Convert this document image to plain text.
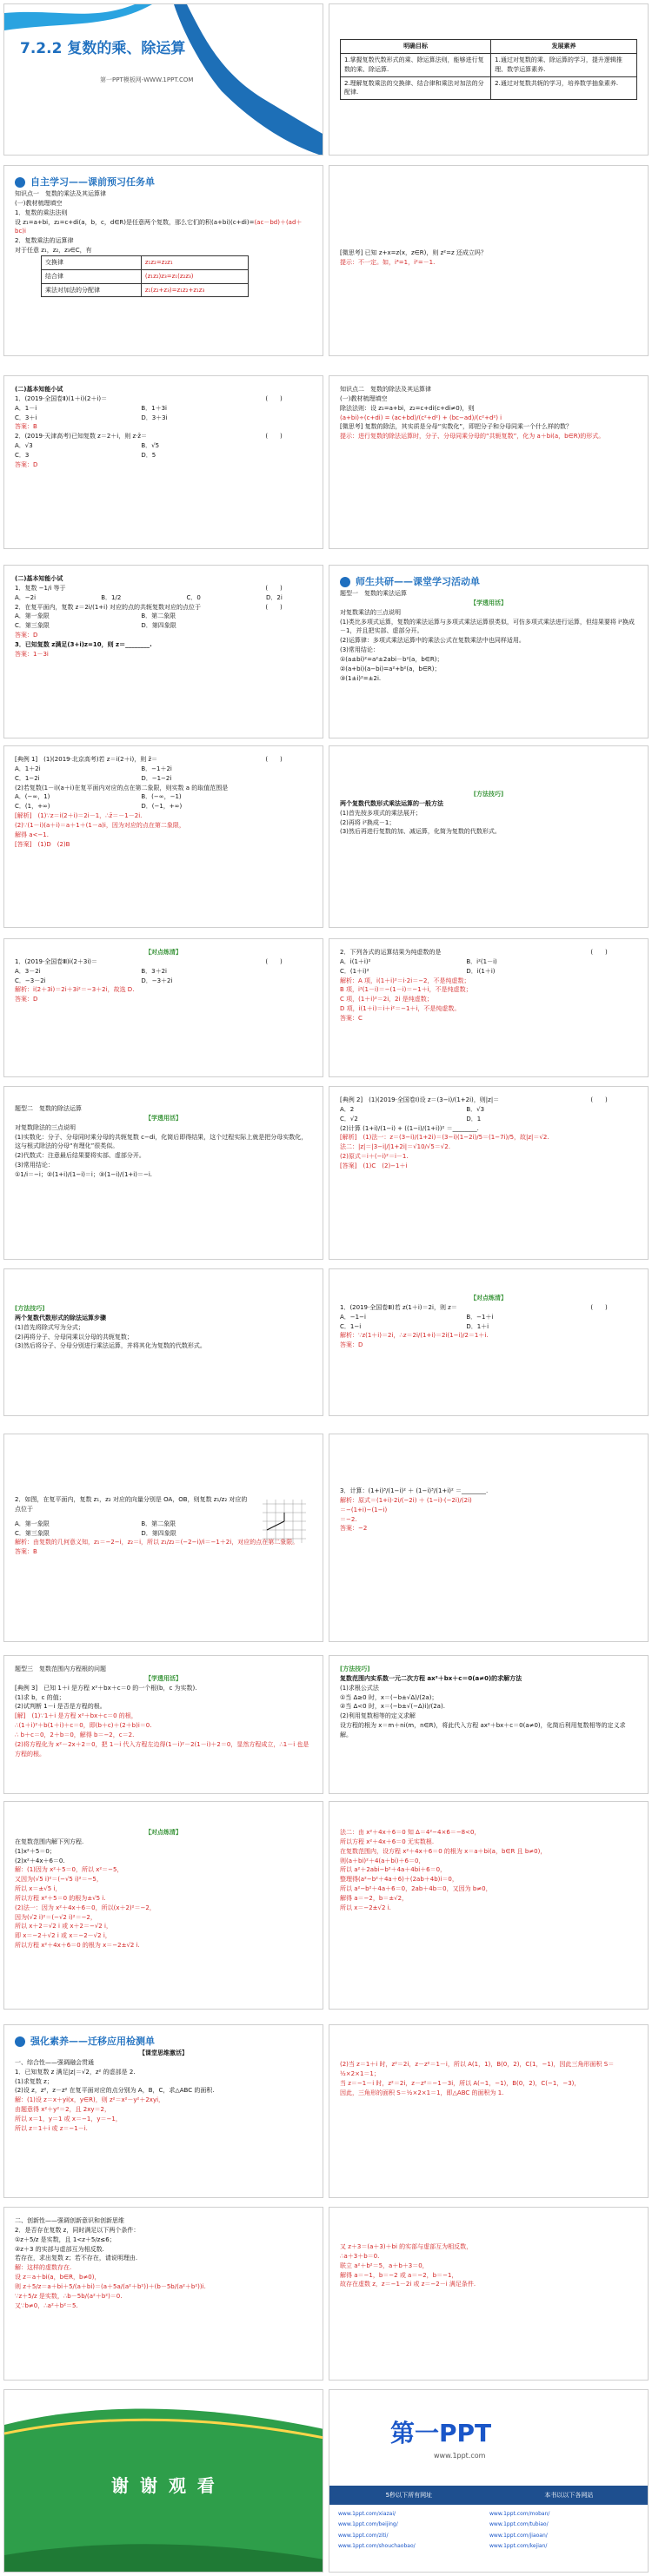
7.2.2 复数的乘、除运算
第一PPT模板网-WWW.1PPT.COM
明确目标	发展素养
1.掌握复数代数形式的乘、除运算法则，能够进行复数的乘、除运算.	1.通过对复数的乘、除运算的学习，提升逻辑推理、数学运算素养.
2.理解复数乘法的交换律、结合律和乘法对加法的分配律.	2.通过对复数共轭的学习，培养数学抽象素养.
自主学习——课前预习任务单
知识点一　复数的乘法及其运算律
(一)教材梳理填空
1．复数的乘法法则
设 z₁=a+bi，z₂=c+di(a，b，c，d∈R)是任意两个复数，那么它们的积(a+bi)(c+di)=(ac－bd)＋(ad＋bc)i
2．复数乘法的运算律
对于任意 z₁，z₂，z₃∈C，有
交换律	z₁z₂=z₂z₁
结合律	(z₁z₂)z₃=z₁(z₂z₃)
乘法对加法的分配律	z₁(z₂+z₃)=z₁z₂+z₁z₃
[微思考] 已知 z+x=z(x，z∈R)，则 z²=z 还成立吗？
提示：不一定。如，i⁴=1，i²=－1.
(二)基本知能小试
1．(2019·全国卷Ⅱ)(1＋i)(2＋i)＝	(　　)
A．1－i	B．1＋3i
C．3＋i	D．3＋3i
答案：B
2．(2019·天津高考)已知复数 z＝2＋i，则 z·z̄＝	(　　)
A．√3	B．√5
C．3	D．5
答案：D
知识点二　复数的除法及其运算律
(一)教材梳理填空
除法法则：设 z₁=a+bi，z₂=c+di(c+di≠0)，则
(a+bi)÷(c+di) = (ac+bd)/(c²+d²) + (bc−ad)/(c²+d²) i
[微思考] 复数的除法，其实质是分母“实数化”，即把分子和分母同乘一个什么样的数？
提示：进行复数的除法运算时，分子、分母同乘分母的“共轭复数”，化为 a＋bi(a，b∈R)的形式。
(二)基本知能小试
1．复数 −1/i 等于	(　　)
A．−2i	B．1/2	C．0	D．2i
2．在复平面内，复数 z＝2i/(1+i) 对应的点的共轭复数对应的点位于	(　　)
A．第一象限	B．第二象限
C．第三象限	D．第四象限
答案：D
3．已知复数 z满足(3+i)z=10，则 z＝________.
答案：1－3i
师生共研——课堂学习活动单
题型一　复数的乘法运算
【学透用活】
对复数乘法的三点说明
(1)类比多项式运算，复数的乘法运算与多项式乘法运算很类似，可仿多项式乘法进行运算，但结果要将 i²换成－1，并且把实部、虚部分开。
(2)运算律：多项式乘法运算中的乘法公式在复数乘法中也同样适用。
(3)常用结论：
①(a±bi)²=a²±2abi－b²(a，b∈R)；
②(a+bi)(a−bi)=a²+b²(a，b∈R)；
③(1±i)²=±2i.
[典例 1]　(1)(2019·北京高考)若 z＝i(2＋i)，则 z̄＝	(　　)
A．1＋2i	B．−1＋2i
C．1−2i	D．−1−2i
(2)若复数(1－i)(a＋i)在复平面内对应的点在第二象限，则实数 a 的取值范围是
A．(−∞，1)	B．(−∞，−1)
C．(1，+∞)	D．(−1，+∞)
[解析]　(1)∵z＝i(2＋i)＝2i－1，∴z̄＝－1－2i.
(2)∵(1－i)(a＋i)＝a＋1＋(1－a)i，因为对应的点在第二象限，
解得 a<−1.
[答案]　(1)D　(2)B
[方法技巧]
两个复数代数形式乘法运算的一般方法
(1)首先按多项式的乘法展开；
(2)再将 i²换成－1；
(3)然后再进行复数的加、减运算，化简为复数的代数形式。
【对点练清】
1．(2019·全国卷Ⅲ)i(2＋3i)＝	(　　)
A．3－2i	B．3＋2i
C．−3－2i	D．−3＋2i
解析：i(2＋3i)＝2i＋3i²＝−3＋2i，故选 D.
答案：D
2．下列各式的运算结果为纯虚数的是	(　　)
A．i(1＋i)²	B．i²(1－i)
C．(1＋i)²	D．i(1＋i)
解析：A 项，i(1＋i)²＝i·2i＝−2，不是纯虚数；
B 项，i²(1－i)＝−(1－i)＝−1＋i，不是纯虚数；
C 项，(1＋i)²＝2i，2i 是纯虚数；
D 项，i(1＋i)＝i＋i²＝−1＋i，不是纯虚数。
答案：C
题型二　复数的除法运算
【学透用活】
对复数除法的三点说明
(1)实数化：分子、分母同时乘分母的共轭复数 c−di，化简后即得结果，这个过程实际上就是把分母实数化，这与根式除法的分母“有理化”很类似。
(2)代数式：注意最后结果要将实部、虚部分开。
(3)常用结论：
①1/i＝−i；②(1+i)/(1−i)＝i；③(1−i)/(1+i)＝−i.
[典例 2]　(1)(2019·全国卷Ⅰ)设 z＝(3−i)/(1+2i)，则|z|＝	(　　)
A．2	B．√3
C．√2	D．1
(2)计算 (1+i)/(1−i) + ((1−i)/(1+i))² ＝________.
[解析]　(1)法一：z＝(3−i)/(1+2i)＝(3−i)(1−2i)/5＝(1−7i)/5，故|z|＝√2.
法二：|z|＝|3−i|/|1+2i|＝√10/√5＝√2.
(2)原式＝i＋(−i)²＝i－1.
[答案]　(1)C　(2)−1＋i
[方法技巧]
两个复数代数形式的除法运算步骤
(1)首先将除式写为分式；
(2)再将分子、分母同乘以分母的共轭复数；
(3)然后将分子、分母分别进行乘法运算，并将其化为复数的代数形式。
【对点练清】
1．(2019·全国卷Ⅲ)若 z(1＋i)＝2i，则 z＝	(　　)
A．−1−i	B．−1＋i
C．1−i	D．1＋i
解析：∵z(1＋i)＝2i，∴z＝2i/(1+i)＝2i(1−i)/2＝1＋i.
答案：D
2．如图，在复平面内，复数 z₁，z₂ 对应的向量分别是 OA，OB，则复数 z₁/z₂ 对应的点位于
A．第一象限	B．第二象限
C．第三象限	D．第四象限
解析：由复数的几何意义知，z₁＝−2−i，z₂＝i，所以 z₁/z₂＝(−2−i)/i＝−1＋2i，对应的点在第二象限。
答案：B
3．计算：(1+i)³/(1−i)² ＋ (1−i)³/(1+i)² ＝________.
解析：原式＝(1+i)·2i/(−2i) ＋ (1−i)·(−2i)/(2i)
＝−(1+i)−(1−i)
＝−2.
答案：−2
题型三　复数范围内方程根的问题
【学透用活】
[典例 3]　已知 1＋i 是方程 x²＋bx＋c＝0 的一个根(b，c 为实数).
(1)求 b，c 的值；
(2)试判断 1－i 是否是方程的根。
[解]　(1)∵1＋i 是方程 x²＋bx＋c＝0 的根，
∴(1＋i)²＋b(1＋i)＋c＝0，即(b＋c)＋(2＋b)i＝0.
∴ b＋c＝0，2＋b＝0，解得 b＝−2，c＝2.
(2)将方程化为 x²－2x＋2＝0，把 1－i 代入方程左边得(1－i)²－2(1－i)＋2＝0，显然方程成立，∴1－i 也是方程的根。
[方法技巧]
复数范围内实系数一元二次方程 ax²＋bx＋c＝0(a≠0)的求解方法
(1)求根公式法
①当 Δ≥0 时，x＝(−b±√Δ)/(2a)；
②当 Δ<0 时，x＝(−b±√(−Δ)i)/(2a).
(2)利用复数相等的定义求解
设方程的根为 x＝m＋ni(m，n∈R)，将此代入方程 ax²＋bx＋c＝0(a≠0)，化简后利用复数相等的定义求解。
【对点练清】
在复数范围内解下列方程.
(1)x²＋5＝0；
(2)x²＋4x＋6＝0.
解：(1)因为 x²＋5＝0，所以 x²＝−5，
又因为(√5 i)²＝(−√5 i)²＝−5，
所以 x＝±√5 i，
所以方程 x²＋5＝0 的根为±√5 i.
(2)法一：因为 x²＋4x＋6＝0，所以(x＋2)²＝−2，
因为(√2 i)²＝(−√2 i)²＝−2，
所以 x＋2＝√2 i 或 x＋2＝−√2 i，
即 x＝−2＋√2 i 或 x＝−2－√2 i，
所以方程 x²＋4x＋6＝0 的根为 x＝−2±√2 i.
法二：由 x²＋4x＋6＝0 知 Δ＝4²−4×6＝−8<0，
所以方程 x²＋4x＋6＝0 无实数根.
在复数范围内，设方程 x²＋4x＋6＝0 的根为 x＝a＋bi(a，b∈R 且 b≠0)，
则(a＋bi)²＋4(a＋bi)＋6＝0，
所以 a²＋2abi−b²＋4a＋4bi＋6＝0，
整理得(a²−b²＋4a＋6)＋(2ab＋4b)i＝0，
所以 a²−b²＋4a＋6＝0，2ab＋4b＝0，又因为 b≠0，
解得 a＝−2，b＝±√2，
所以 x＝−2±√2 i.
强化素养——迁移应用检测单
【课堂思维激活】
一、综合性——强调融会贯通
1．已知复数 z 满足|z|＝√2，z² 的虚部是 2.
(1)求复数 z；
(2)设 z，z²，z－z² 在复平面对应的点分别为 A，B，C，求△ABC 的面积.
解：(1)设 z＝x＋yi(x，y∈R)，则 z²＝x²－y²＋2xyi，
由题意得 x²＋y²＝2，且 2xy＝2，
所以 x＝1，y＝1 或 x＝−1，y＝−1，
所以 z＝1＋i 或 z＝−1－i.
(2)当 z＝1＋i 时，z²＝2i，z－z²＝1－i，所以 A(1，1)，B(0，2)，C(1，−1)，因此三角形面积 S＝½×2×1＝1；
当 z＝−1－i 时，z²＝2i，z－z²＝−1－3i，所以 A(−1，−1)，B(0，2)，C(−1，−3)，
因此，三角形的面积 S＝½×2×1＝1，即△ABC 的面积为 1.
二、创新性——强调创新意识和创新思维
2．是否存在复数 z，同时满足以下两个条件：
①z＋5/z 是实数，且 1<z＋5/z≤6；
②z＋3 的实部与虚部互为相反数.
若存在，求出复数 z；若不存在，请说明理由.
解：这样的虚数存在.
设 z＝a＋bi(a，b∈R，b≠0)，
则 z＋5/z＝a＋bi＋5/(a＋bi)＝(a＋5a/(a²＋b²))＋(b－5b/(a²＋b²))i.
∵z＋5/z 是实数，∴b－5b/(a²＋b²)＝0.
又∵b≠0，∴a²＋b²＝5.
又 z＋3＝(a＋3)＋bi 的实部与虚部互为相反数，
∴a＋3＋b＝0.
联立 a²＋b²＝5，a＋b＋3＝0，
解得 a＝−1，b＝−2 或 a＝−2，b＝−1，
故存在虚数 z，z＝−1－2i 或 z＝−2－i 满足条件.
谢 谢 观 看
第一PPT
www.1ppt.com
5秒以下所有网址	本书以以下各网站
www.1ppt.com/xiazai/	www.1ppt.com/moban/
www.1ppt.com/beijing/	www.1ppt.com/tubiao/
www.1ppt.com/ziti/	www.1ppt.com/jiaoan/
www.1ppt.com/shouchaobao/	www.1ppt.com/kejian/
